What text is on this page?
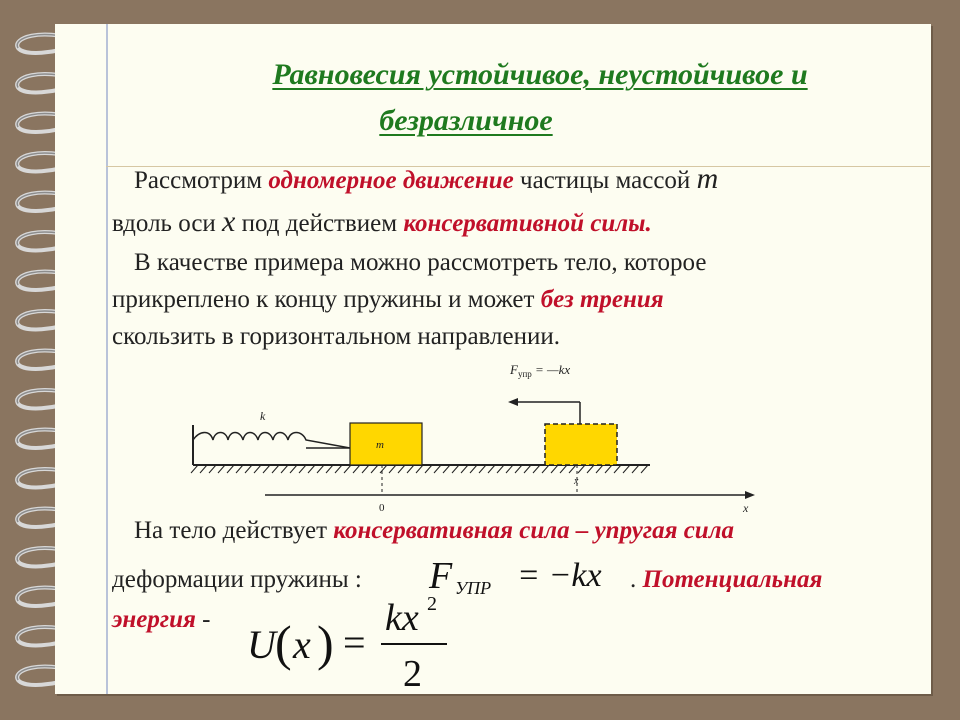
Равновесия устойчивое, неустойчивое и
безразличное
Рассмотрим одномерное движение частицы массой m
вдоль оси x под действием консервативной силы.
В качестве примера можно рассмотреть тело, которое
прикреплено к концу пружины и может без трения
скользить в горизонтальном направлении.
$F_{упр}$ = —kx
k
m
0
x
x
На тело действует консервативная сила – упругая сила
деформации пружины :	. Потенциальная
энергия -
F УПР = −kx
U ( x ) =
kx 2
2
